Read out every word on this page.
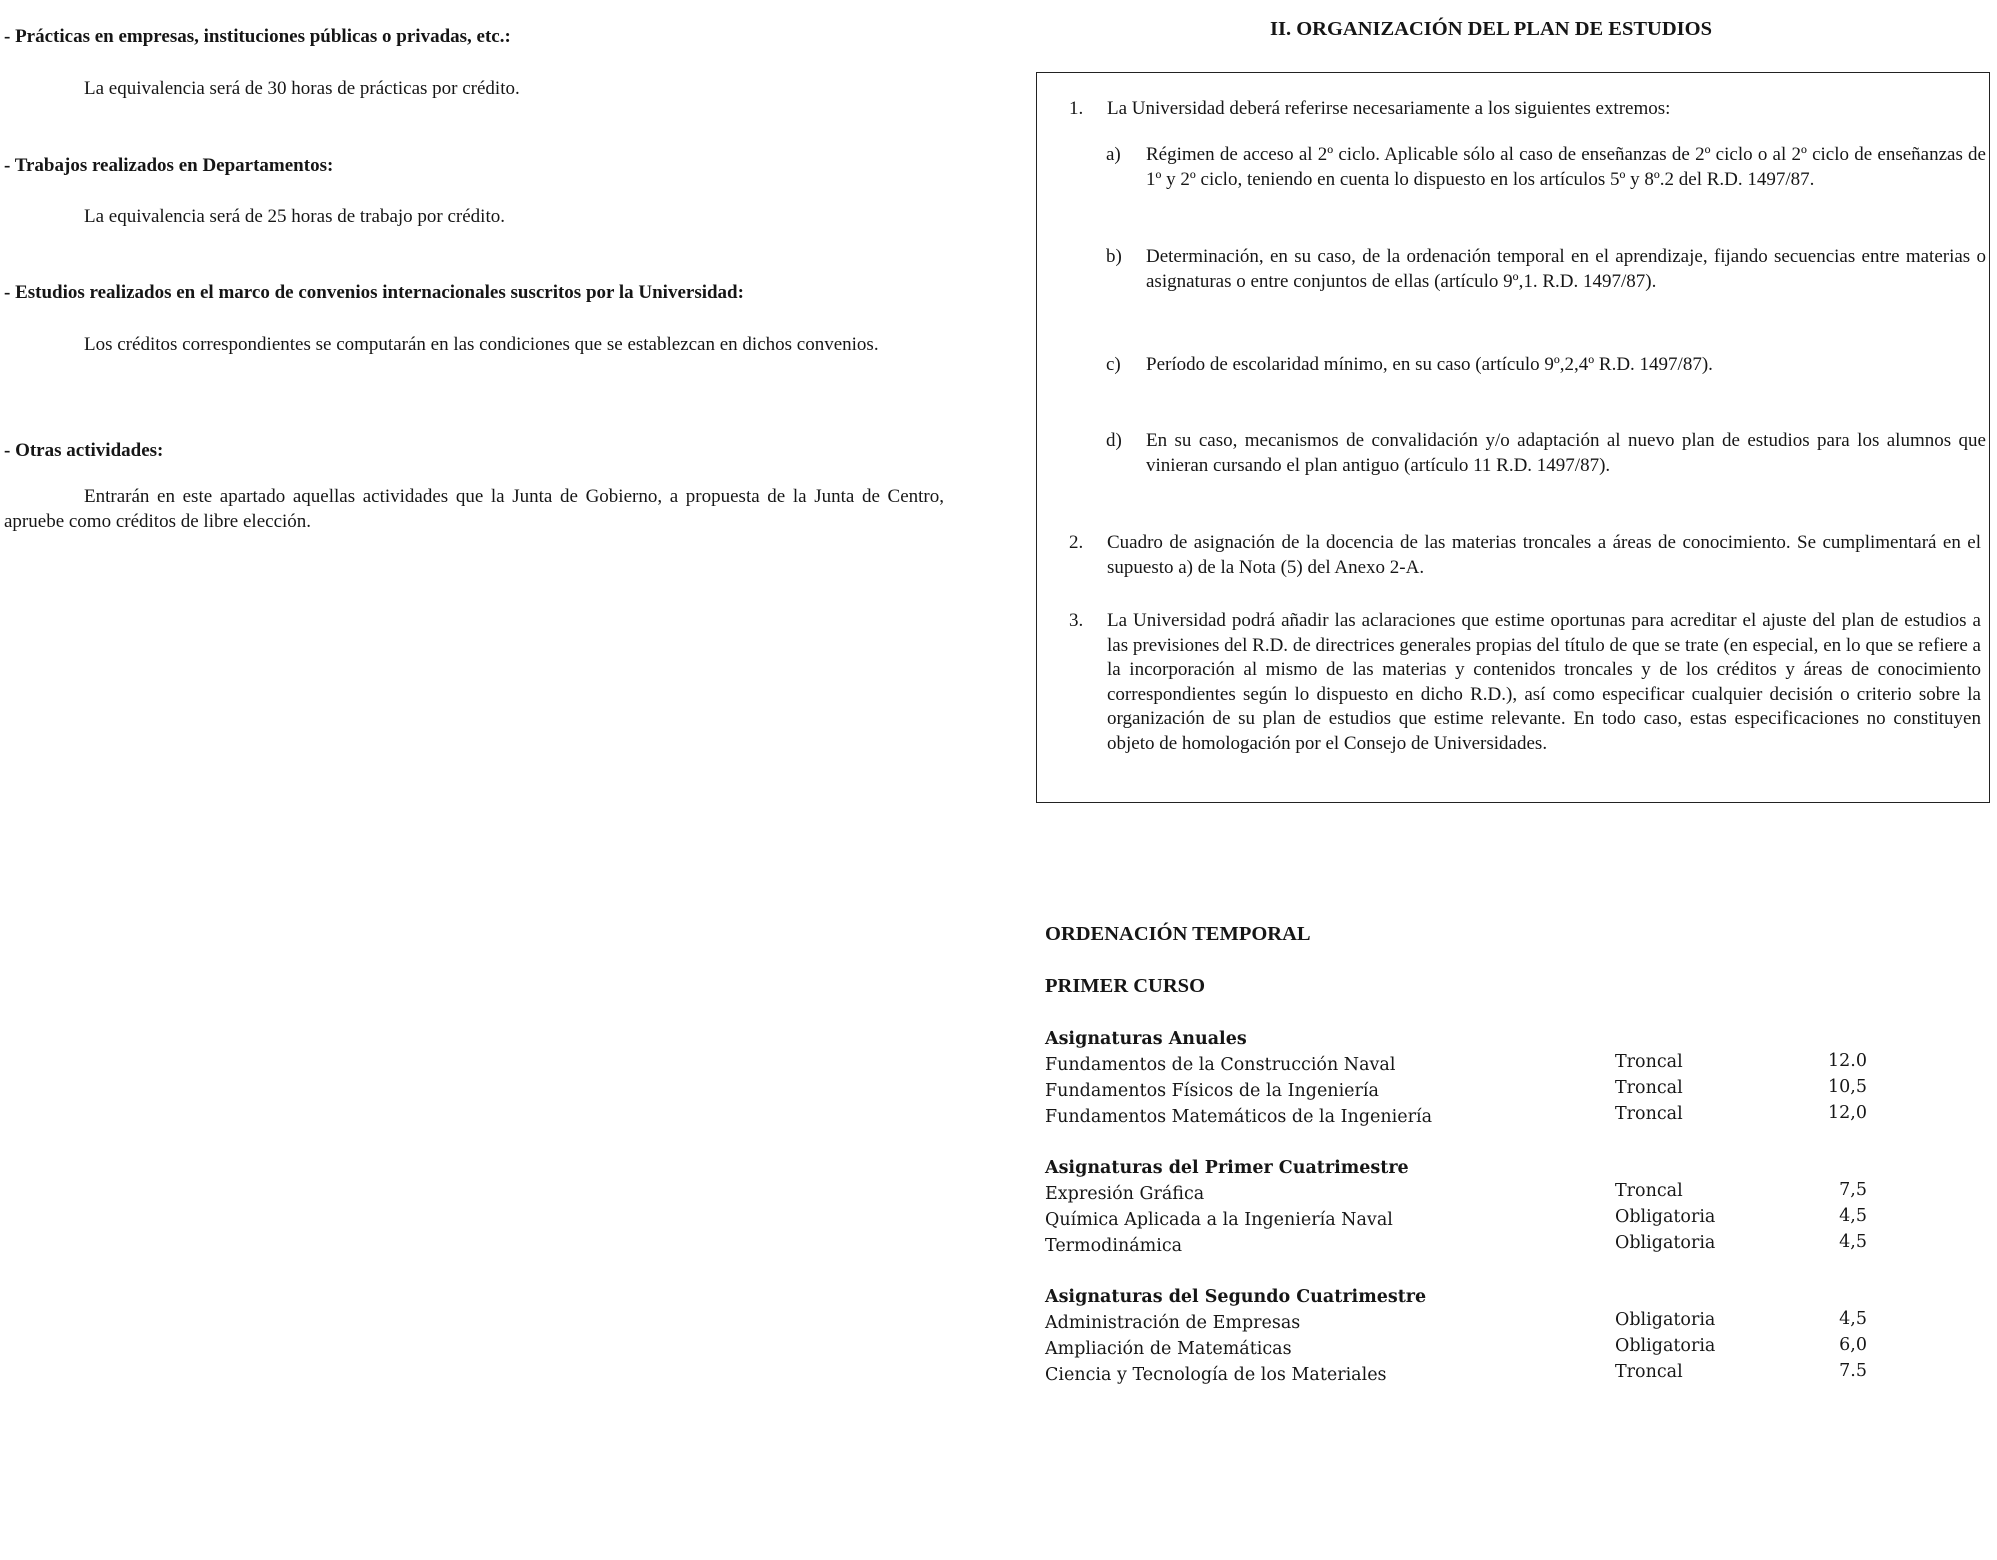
- Prácticas en empresas, instituciones públicas o privadas, etc.:
La equivalencia será de 30 horas de prácticas por crédito.
- Trabajos realizados en Departamentos:
La equivalencia será de 25 horas de trabajo por crédito.
- Estudios realizados en el marco de convenios internacionales suscritos por la Universidad:
Los créditos correspondientes se computarán en las condiciones que se establezcan en dichos convenios.
- Otras actividades:
Entrarán en este apartado aquellas actividades que la Junta de Gobierno, a propuesta de la Junta de Centro, apruebe como créditos de libre elección.
II. ORGANIZACIÓN DEL PLAN DE ESTUDIOS
1. La Universidad deberá referirse necesariamente a los siguientes extremos:
a) Régimen de acceso al 2º ciclo. Aplicable sólo al caso de enseñanzas de 2º ciclo o al 2º ciclo de enseñanzas de 1º y 2º ciclo, teniendo en cuenta lo dispuesto en los artículos 5º y 8º.2 del R.D. 1497/87.
b) Determinación, en su caso, de la ordenación temporal en el aprendizaje, fijando secuencias entre materias o asignaturas o entre conjuntos de ellas (artículo 9º,1. R.D. 1497/87).
c) Período de escolaridad mínimo, en su caso (artículo 9º,2,4º R.D. 1497/87).
d) En su caso, mecanismos de convalidación y/o adaptación al nuevo plan de estudios para los alumnos que vinieran cursando el plan antiguo (artículo 11 R.D. 1497/87).
2. Cuadro de asignación de la docencia de las materias troncales a áreas de conocimiento. Se cumplimentará en el supuesto a) de la Nota (5) del Anexo 2-A.
3. La Universidad podrá añadir las aclaraciones que estime oportunas para acreditar el ajuste del plan de estudios a las previsiones del R.D. de directrices generales propias del título de que se trate (en especial, en lo que se refiere a la incorporación al mismo de las materias y contenidos troncales y de los créditos y áreas de conocimiento correspondientes según lo dispuesto en dicho R.D.), así como especificar cualquier decisión o criterio sobre la organización de su plan de estudios que estime relevante. En todo caso, estas especificaciones no constituyen objeto de homologación por el Consejo de Universidades.
ORDENACIÓN TEMPORAL
PRIMER CURSO
Asignaturas Anuales
Fundamentos de la Construcción Naval	Troncal	12.0
Fundamentos Físicos de la Ingeniería	Troncal	10,5
Fundamentos Matemáticos de la Ingeniería	Troncal	12,0
Asignaturas del Primer Cuatrimestre
Expresión Gráfica	Troncal	7,5
Química Aplicada a la Ingeniería Naval	Obligatoria	4,5
Termodinámica	Obligatoria	4,5
Asignaturas del Segundo Cuatrimestre
Administración de Empresas	Obligatoria	4,5
Ampliación de Matemáticas	Obligatoria	6,0
Ciencia y Tecnología de los Materiales	Troncal	7.5
